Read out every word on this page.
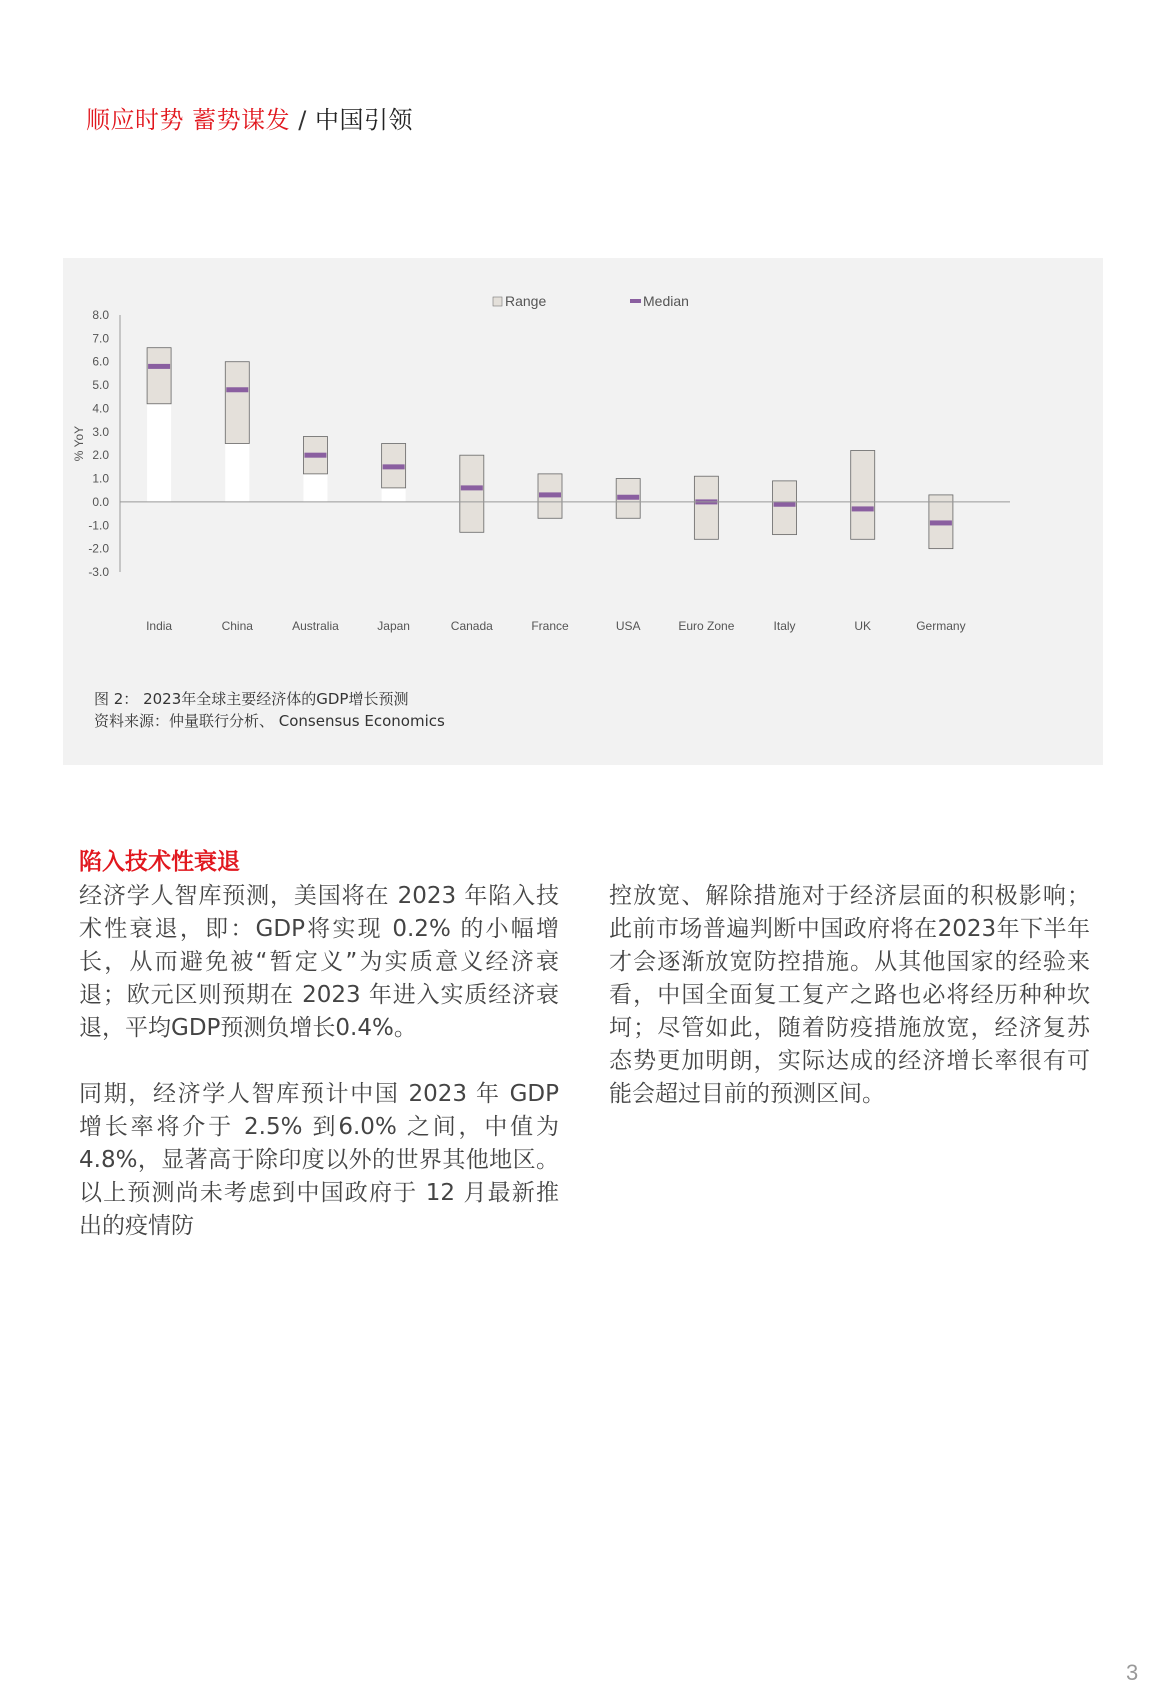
顺应时势 蓄势谋发 / 中国引领
8.0
7.0
6.0
5.0
4.0
3.0
2.0
1.0
0.0
-1.0
-2.0
-3.0
% YoY
India	China	Australia	Japan	Canada	France	USA	Euro Zone	Italy	UK	Germany
Range	Median
图 2： 2023年全球主要经济体的GDP增长预测
资料来源：仲量联行分析、 Consensus Economics
陷入技术性衰退

经济学人智库预测，美国将在 2023 年陷入技术性衰退，即：GDP将实现 0.2% 的小幅增长，从而避免被“暂定义”为实质意义经济衰退；欧元区则预期在 2023 年进入实质经济衰退，平均GDP预测负增长0.4%。

同期，经济学人智库预计中国 2023 年 GDP 增长率将介于 2.5% 到6.0% 之间，中值为 4.8%，显著高于除印度以外的世界其他地区。以上预测尚未考虑到中国政府于 12 月最新推出的疫情防

控放宽、解除措施对于经济层面的积极影响；此前市场普遍判断中国政府将在2023年下半年才会逐渐放宽防控措施。从其他国家的经验来看，中国全面复工复产之路也必将经历种种坎坷；尽管如此，随着防疫措施放宽，经济复苏态势更加明朗，实际达成的经济增长率很有可能会超过目前的预测区间。

3
